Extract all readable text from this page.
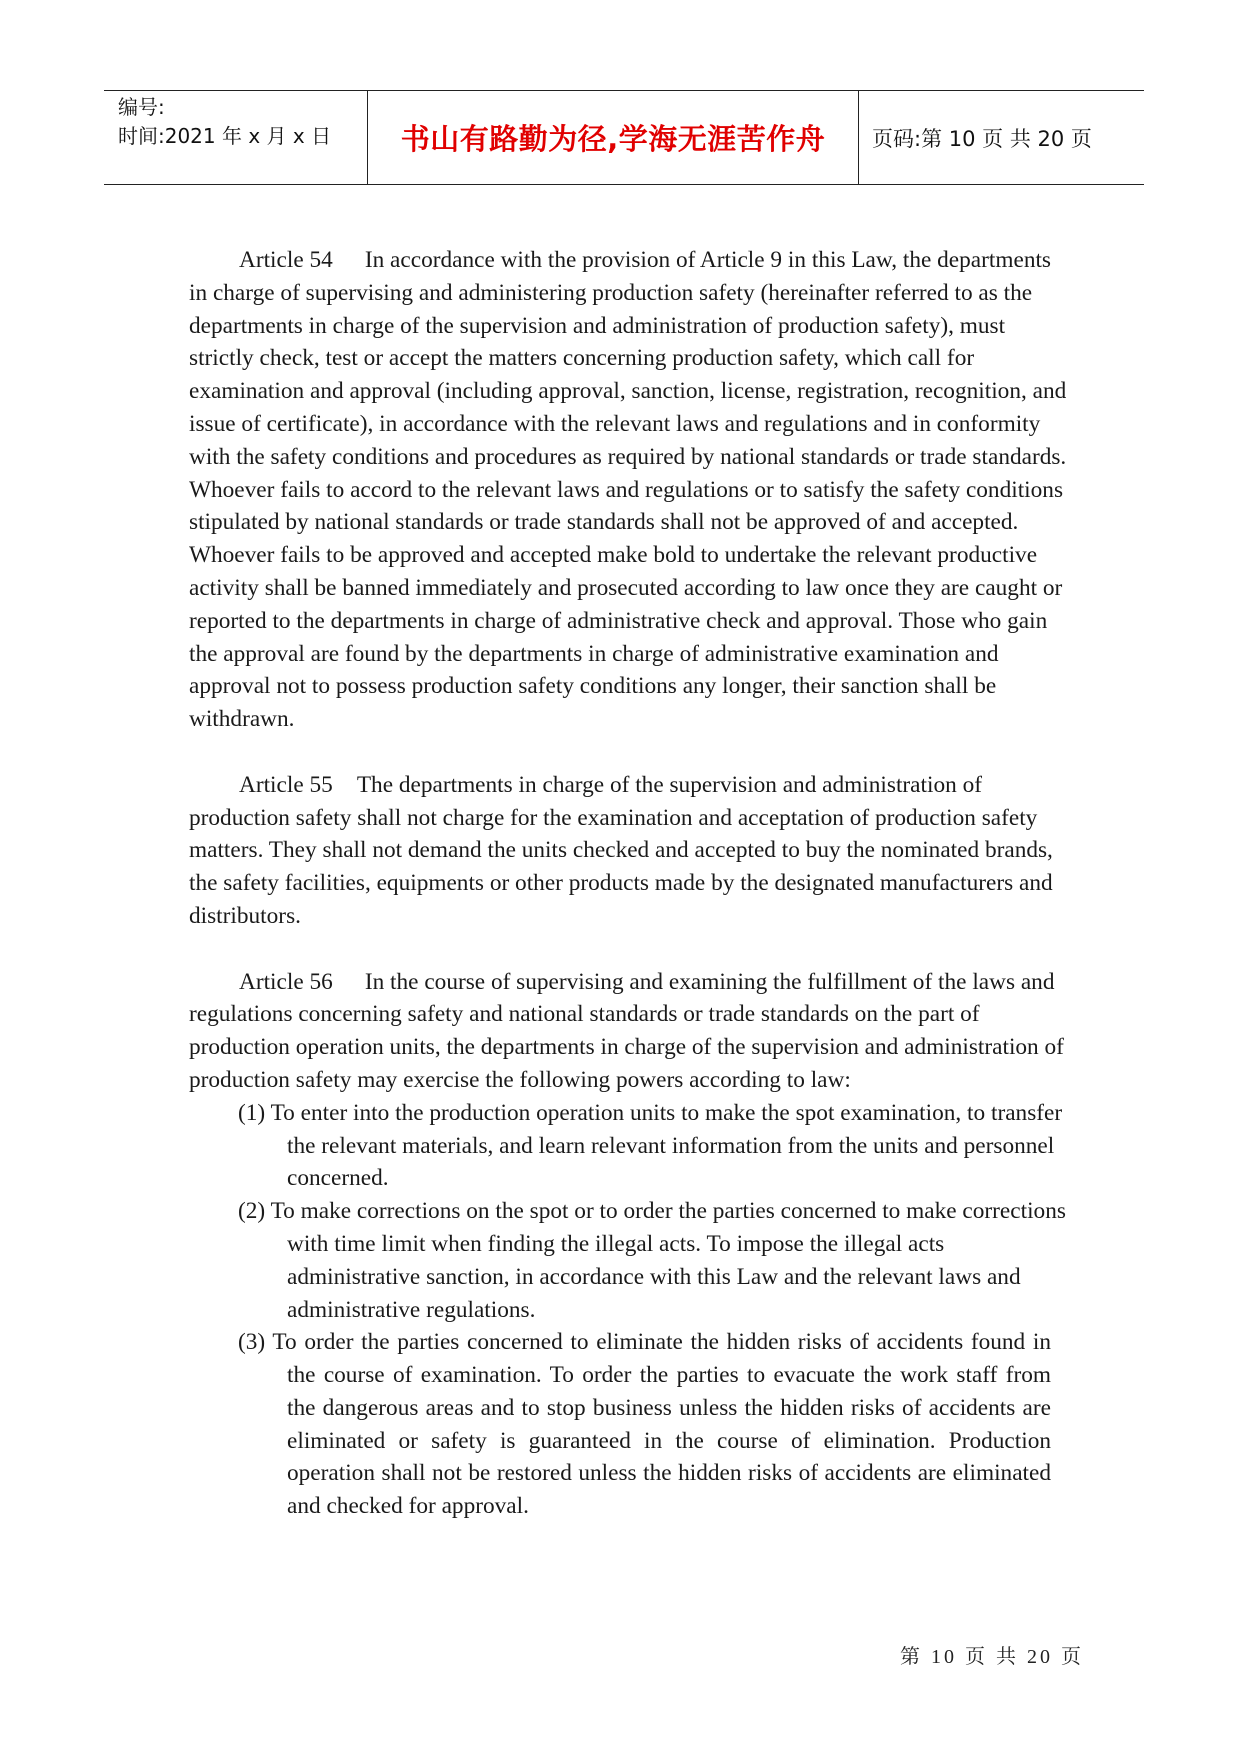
编号:
时间:2021 年 x 月 x 日	书山有路勤为径,学海无涯苦作舟	页码:第 10 页 共 20 页

Article 54 In accordance with the provision of Article 9 in this Law, the departments in charge of supervising and administering production safety (hereinafter referred to as the departments in charge of the supervision and administration of production safety), must strictly check, test or accept the matters concerning production safety, which call for examination and approval (including approval, sanction, license, registration, recognition, and issue of certificate), in accordance with the relevant laws and regulations and in conformity with the safety conditions and procedures as required by national standards or trade standards. Whoever fails to accord to the relevant laws and regulations or to satisfy the safety conditions stipulated by national standards or trade standards shall not be approved of and accepted. Whoever fails to be approved and accepted make bold to undertake the relevant productive activity shall be banned immediately and prosecuted according to law once they are caught or reported to the departments in charge of administrative check and approval. Those who gain the approval are found by the departments in charge of administrative examination and approval not to possess production safety conditions any longer, their sanction shall be withdrawn.

Article 55 The departments in charge of the supervision and administration of production safety shall not charge for the examination and acceptation of production safety matters. They shall not demand the units checked and accepted to buy the nominated brands, the safety facilities, equipments or other products made by the designated manufacturers and distributors.

Article 56 In the course of supervising and examining the fulfillment of the laws and regulations concerning safety and national standards or trade standards on the part of production operation units, the departments in charge of the supervision and administration of production safety may exercise the following powers according to law:

(1) To enter into the production operation units to make the spot examination, to transfer the relevant materials, and learn relevant information from the units and personnel concerned.
(2) To make corrections on the spot or to order the parties concerned to make corrections with time limit when finding the illegal acts. To impose the illegal acts administrative sanction, in accordance with this Law and the relevant laws and administrative regulations.
(3) To order the parties concerned to eliminate the hidden risks of accidents found in the course of examination. To order the parties to evacuate the work staff from the dangerous areas and to stop business unless the hidden risks of accidents are eliminated or safety is guaranteed in the course of elimination. Production operation shall not be restored unless the hidden risks of accidents are eliminated and checked for approval.
第 10 页 共 20 页
